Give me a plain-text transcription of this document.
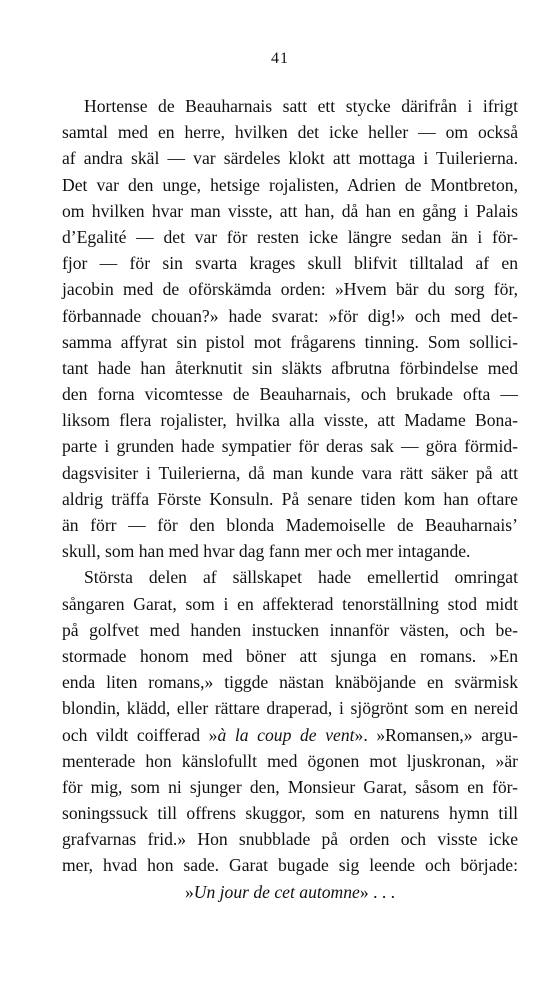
41
Hortense de Beauharnais satt ett stycke därifrån i ifrigt
samtal med en herre, hvilken det icke heller — om också
af andra skäl — var särdeles klokt att mottaga i Tuilerierna.
Det var den unge, hetsige rojalisten, Adrien de Montbreton,
om hvilken hvar man visste, att han, då han en gång i Palais
d’Egalité — det var för resten icke längre sedan än i för-
fjor — för sin svarta krages skull blifvit tilltalad af en
jacobin med de oförskämda orden: »Hvem bär du sorg för,
förbannade chouan?» hade svarat: »för dig!» och med det-
samma affyrat sin pistol mot frågarens tinning. Som sollici-
tant hade han återknutit sin släkts afbrutna förbindelse med
den forna vicomtesse de Beauharnais, och brukade ofta —
liksom flera rojalister, hvilka alla visste, att Madame Bona-
parte i grunden hade sympatier för deras sak — göra förmid-
dagsvisiter i Tuilerierna, då man kunde vara rätt säker på att
aldrig träffa Förste Konsuln. På senare tiden kom han oftare
än förr — för den blonda Mademoiselle de Beauharnais’
skull, som han med hvar dag fann mer och mer intagande.
Största delen af sällskapet hade emellertid omringat
sångaren Garat, som i en affekterad tenorställning stod midt
på golfvet med handen instucken innanför västen, och be-
stormade honom med böner att sjunga en romans. »En
enda liten romans,» tiggde nästan knäböjande en svärmisk
blondin, klädd, eller rättare draperad, i sjögrönt som en nereid
och vildt coifferad »à la coup de vent». »Romansen,» argu-
menterade hon känslofullt med ögonen mot ljuskronan, »är
för mig, som ni sjunger den, Monsieur Garat, såsom en för-
soningssuck till offrens skuggor, som en naturens hymn till
grafvarnas frid.» Hon snubblade på orden och visste icke
mer, hvad hon sade. Garat bugade sig leende och började:
»Un jour de cet automne» . . .
